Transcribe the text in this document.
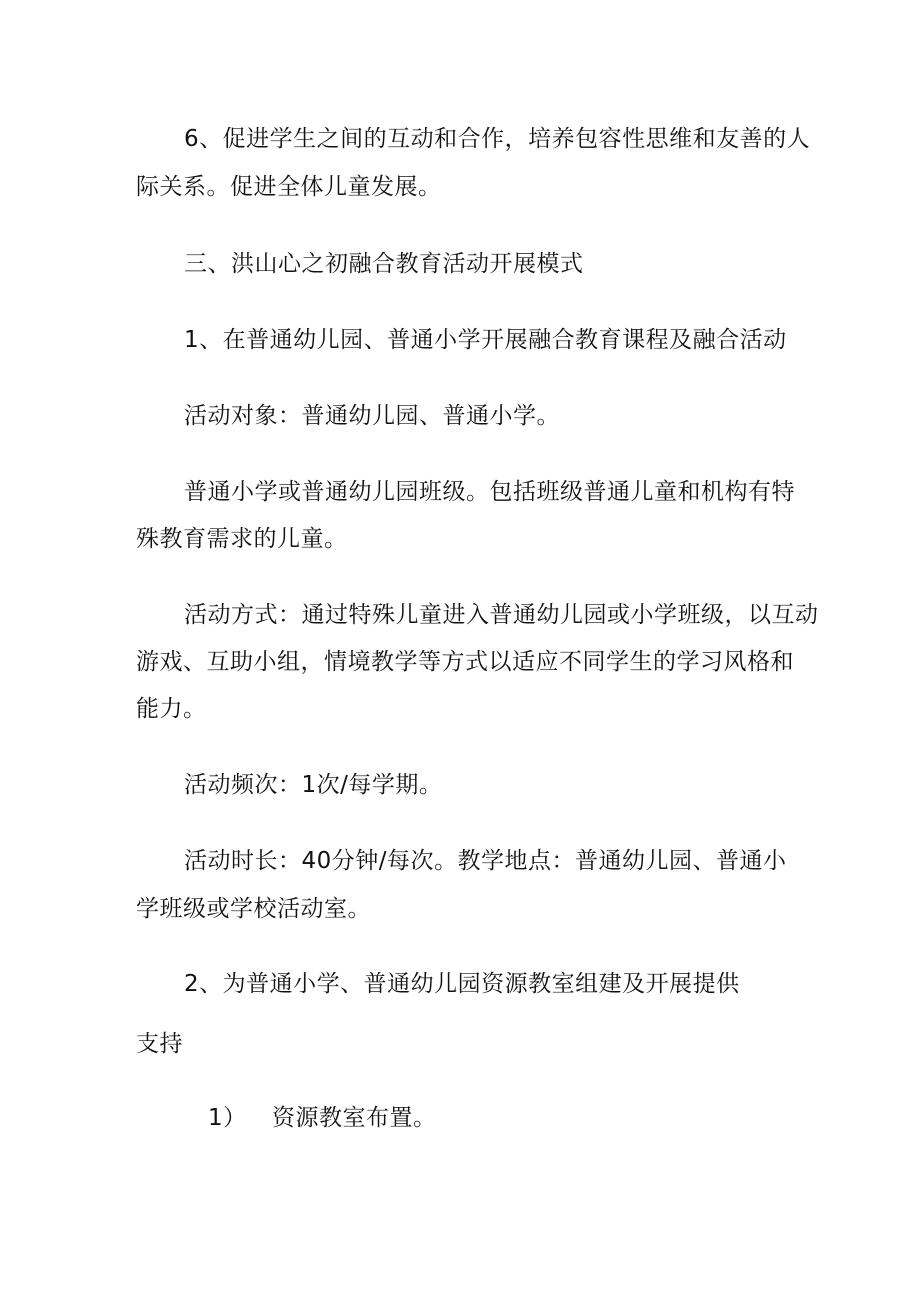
6、促进学生之间的互动和合作，培养包容性思维和友善的人
际关系。促进全体儿童发展。
三、洪山心之初融合教育活动开展模式
1、在普通幼儿园、普通小学开展融合教育课程及融合活动
活动对象：普通幼儿园、普通小学。
普通小学或普通幼儿园班级。包括班级普通儿童和机构有特
殊教育需求的儿童。
活动方式：通过特殊儿童进入普通幼儿园或小学班级，以互动
游戏、互助小组，情境教学等方式以适应不同学生的学习风格和
能力。
活动频次：1次/每学期。
活动时长：40分钟/每次。教学地点：普通幼儿园、普通小
学班级或学校活动室。
2、为普通小学、普通幼儿园资源教室组建及开展提供
支持
1） 资源教室布置。
